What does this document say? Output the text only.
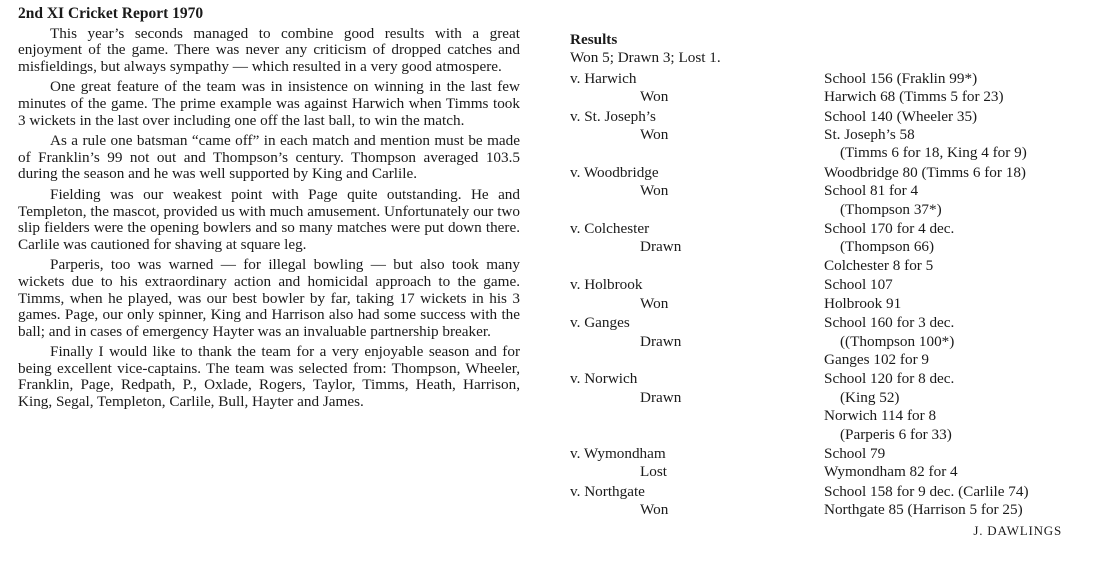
2nd XI Cricket Report 1970

This year’s seconds managed to combine good results with a great enjoyment of the game. There was never any criticism of dropped catches and misfieldings, but always sympathy — which resulted in a very good atmospere.

One great feature of the team was in insistence on winning in the last few minutes of the game. The prime example was against Harwich when Timms took 3 wickets in the last over including one off the last ball, to win the match.

As a rule one batsman “came off” in each match and mention must be made of Franklin’s 99 not out and Thompson’s century. Thompson averaged 103.5 during the season and he was well supported by King and Carlile.

Fielding was our weakest point with Page quite outstanding. He and Templeton, the mascot, provided us with much amusement. Unfortunately our two slip fielders were the opening bowlers and so many matches were put down there. Carlile was cautioned for shaving at square leg.

Parperis, too was warned — for illegal bowling — but also took many wickets due to his extraordinary action and homicidal approach to the game. Timms, when he played, was our best bowler by far, taking 17 wickets in his 3 games. Page, our only spinner, King and Harrison also had some success with the ball; and in cases of emergency Hayter was an invaluable partnership breaker.

Finally I would like to thank the team for a very enjoyable season and for being excellent vice-captains. The team was selected from: Thompson, Wheeler, Franklin, Page, Redpath, P., Oxlade, Rogers, Taylor, Timms, Heath, Harrison, King, Segal, Templeton, Carlile, Bull, Hayter and James.

Results
Won 5; Drawn 3; Lost 1.
v. Harwich
Won
School 156 (Fraklin 99*)
Harwich 68 (Timms 5 for 23)
v. St. Joseph’s
Won
School 140 (Wheeler 35)
St. Joseph’s 58
(Timms 6 for 18, King 4 for 9)
v. Woodbridge
Won
Woodbridge 80 (Timms 6 for 18)
School 81 for 4
(Thompson 37*)
v. Colchester
Drawn
School 170 for 4 dec.
(Thompson 66)
Colchester 8 for 5
v. Holbrook
Won
School 107
Holbrook 91
v. Ganges
Drawn
School 160 for 3 dec.
((Thompson 100*)
Ganges 102 for 9
v. Norwich
Drawn
School 120 for 8 dec.
(King 52)
Norwich 114 for 8
(Parperis 6 for 33)
v. Wymondham
Lost
School 79
Wymondham 82 for 4
v. Northgate
Won
School 158 for 9 dec. (Carlile 74)
Northgate 85 (Harrison 5 for 25)
J. DAWLINGS
